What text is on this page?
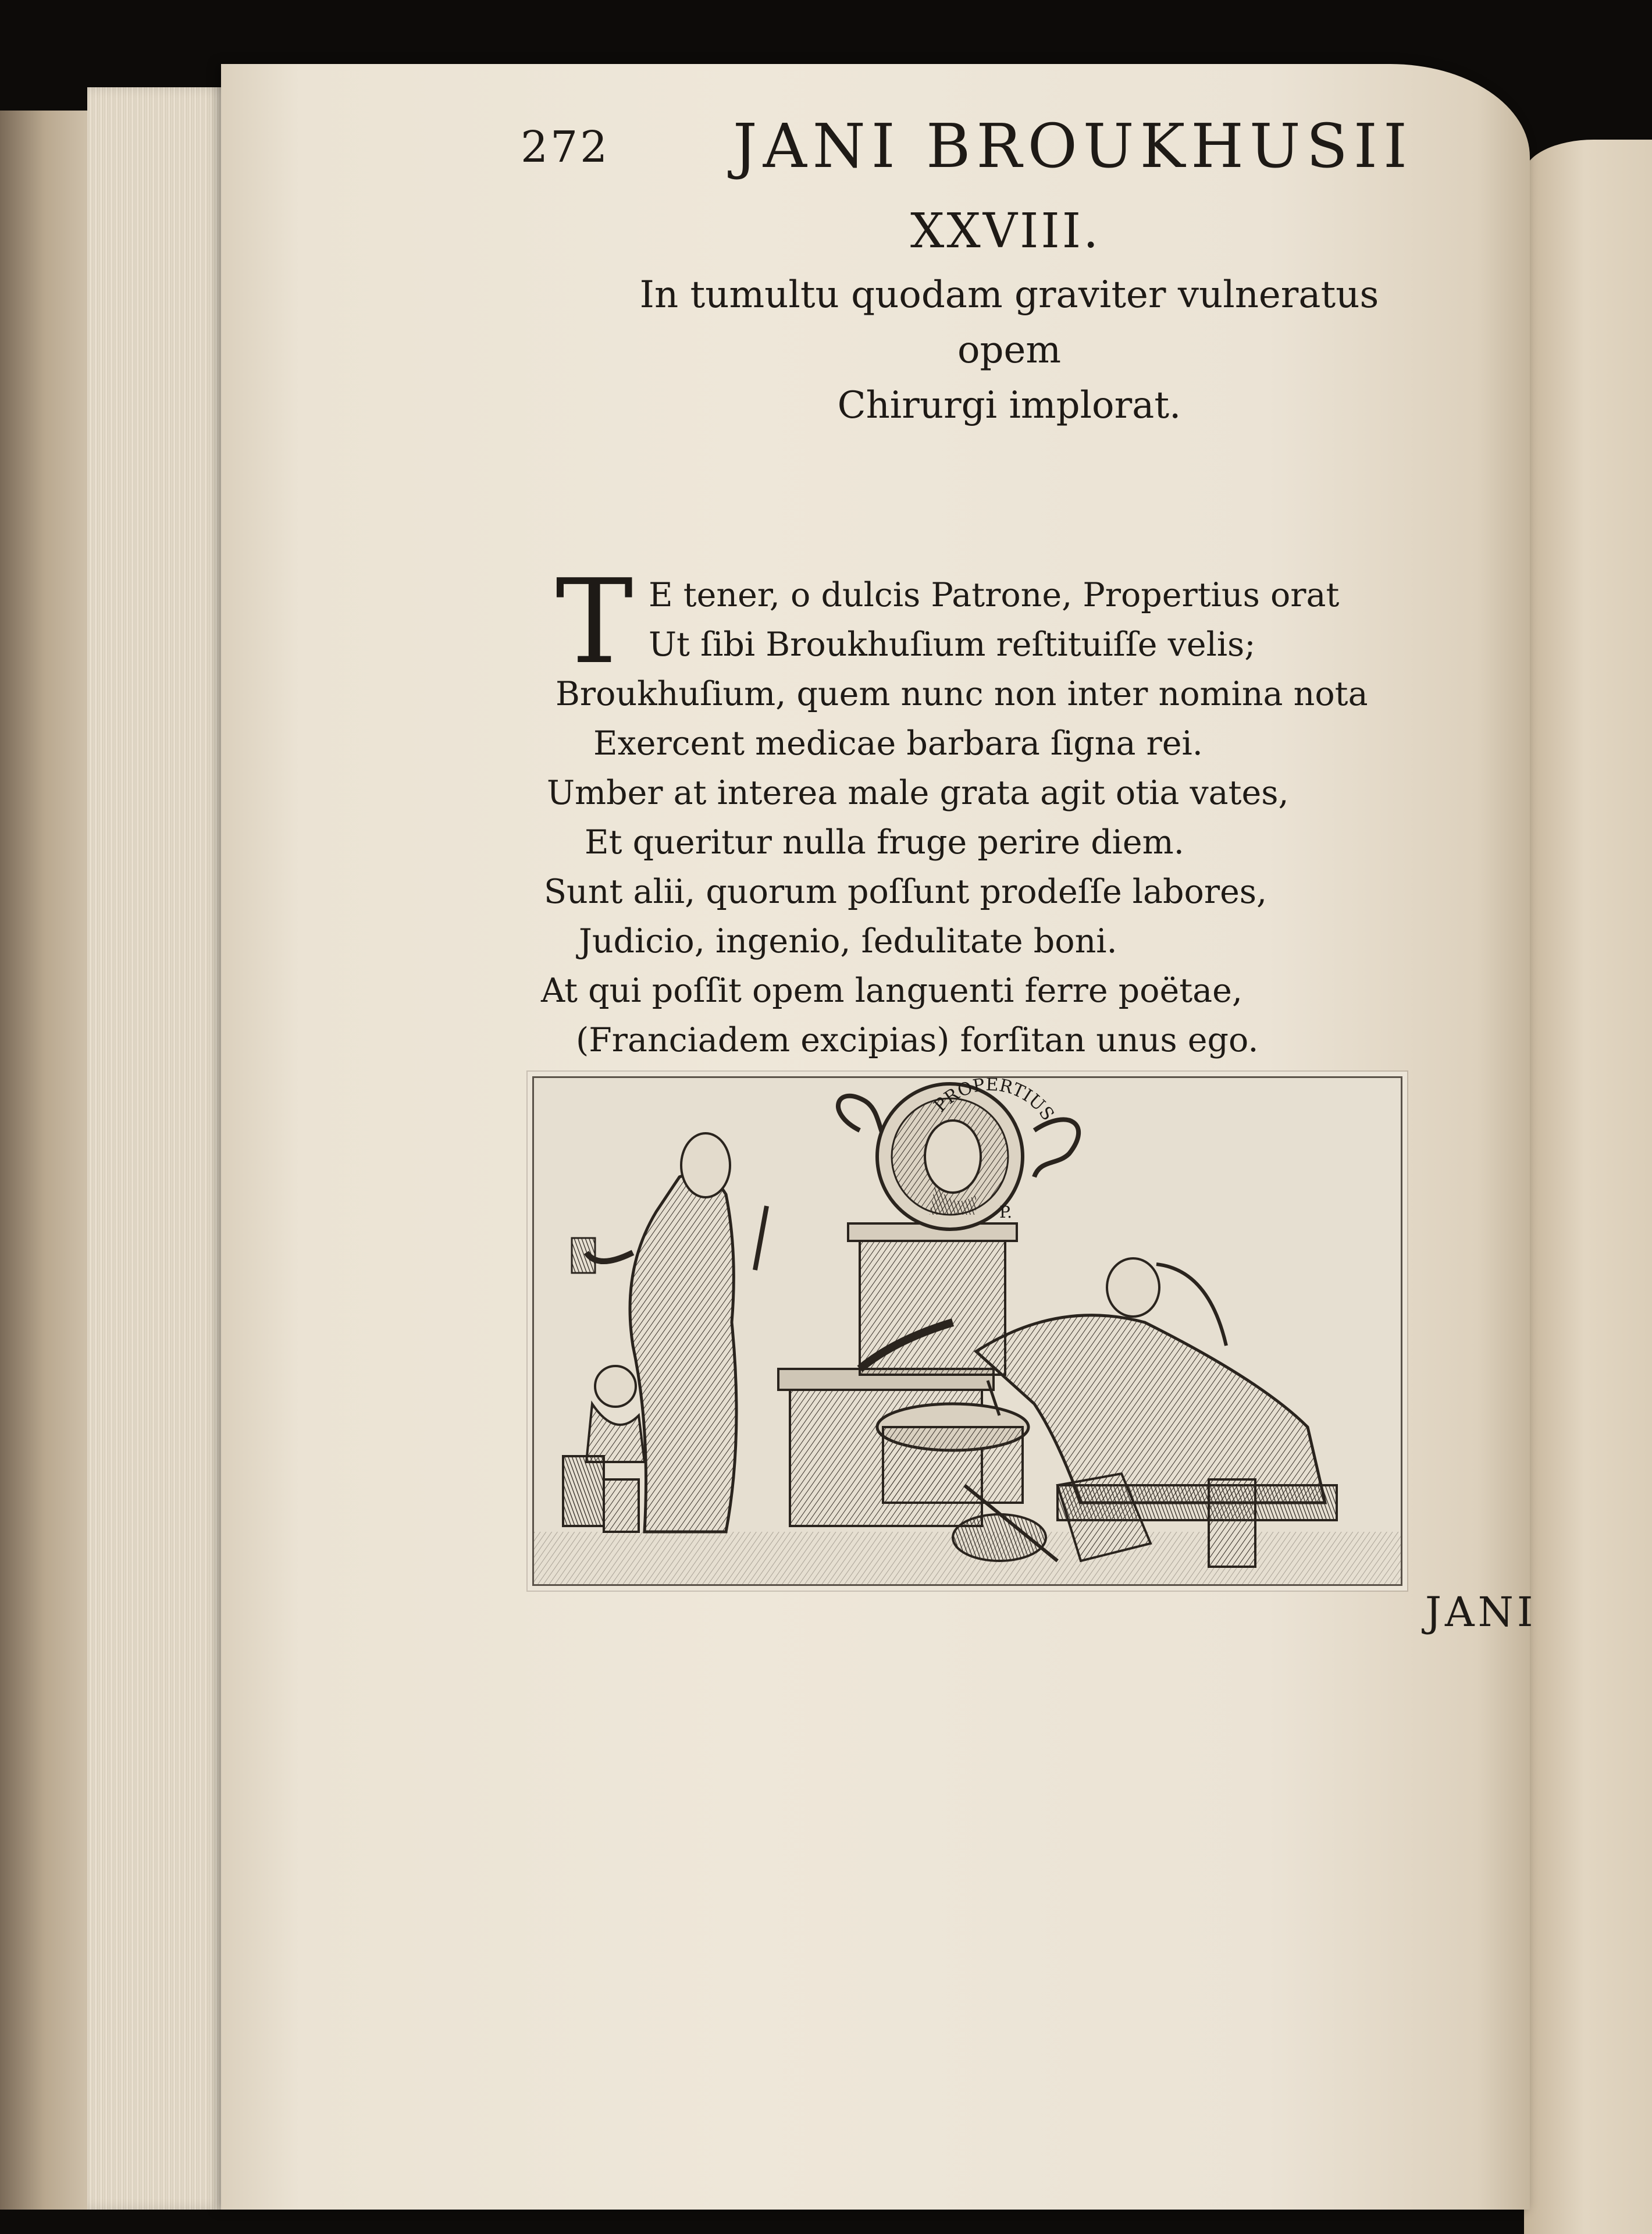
272 JANI BROUKHUSII
XXVIII.
In tumultu quodam graviter vulneratus opem
Chirurgi implorat.
T E tener, o dulcis Patrone, Propertius orat
Ut ſibi Broukhuſium reſtituiſſe velis;
Broukhuſium, quem nunc non inter nomina nota
Exercent medicae barbara ſigna rei.
Umber at interea male grata agit otia vates,
Et queritur nulla fruge perire diem.
Sunt alii, quorum poſſunt prodeſſe labores,
Judicio, ingenio, ſedulitate boni.
At qui poſſit opem languenti ferre poëtae,
(Franciadem excipias) forſitan unus ego.
PROPERTIUS
P.
JANI
